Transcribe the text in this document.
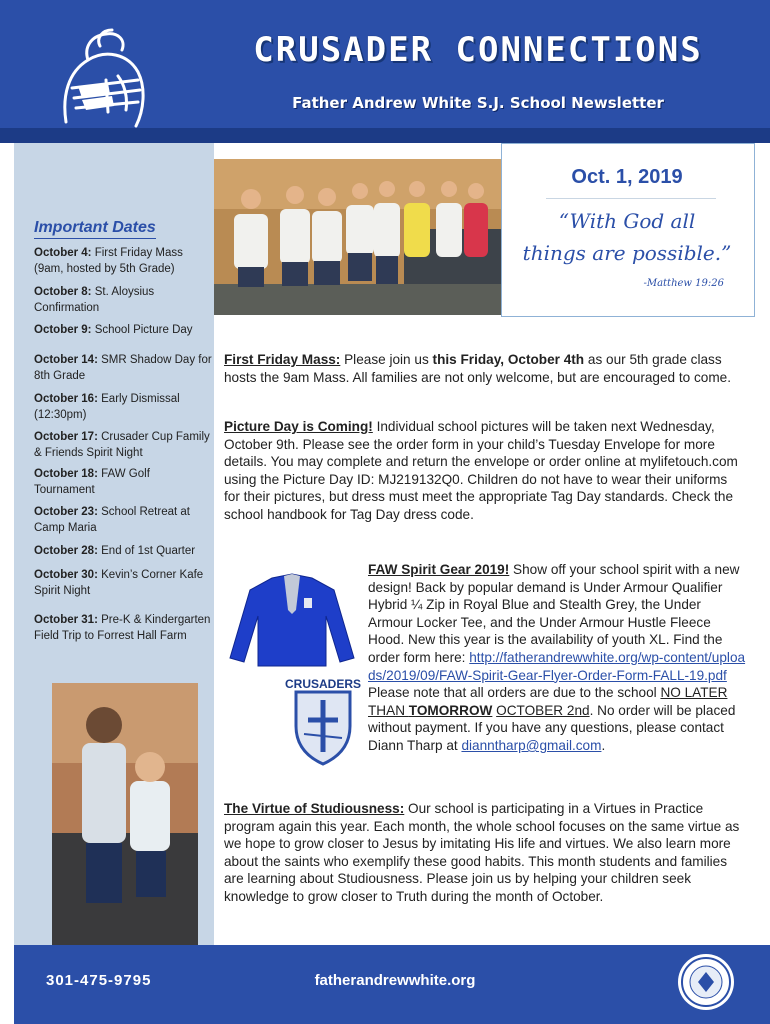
CRUSADER CONNECTIONS
Father Andrew White S.J. School Newsletter
Oct. 1, 2019
“With God all
things are possible.”
-Matthew 19:26
Important Dates
October 4: First Friday Mass (9am, hosted by 5th Grade)
October 8: St. Aloysius Confirmation
October 9: School Picture Day
October 14: SMR Shadow Day for 8th Grade
October 16: Early Dismissal (12:30pm)
October 17: Crusader Cup Family & Friends Spirit Night
October 18: FAW Golf Tournament
October 23: School Retreat at Camp Maria
October 28: End of 1st Quarter
October 30: Kevin’s Corner Kafe Spirit Night
October 31: Pre-K & Kindergarten Field Trip to Forrest Hall Farm
First Friday Mass: Please join us this Friday, October 4th as our 5th grade class hosts the 9am Mass. All families are not only welcome, but are encouraged to come.
Picture Day is Coming! Individual school pictures will be taken next Wednesday, October 9th. Please see the order form in your child’s Tuesday Envelope for more details. You may complete and return the envelope or order online at mylifetouch.com using the Picture Day ID: MJ219132Q0. Children do not have to wear their uniforms for their pictures, but dress must meet the appropriate Tag Day standards. Check the school handbook for Tag Day dress code.
CRUSADERS
FAW Spirit Gear 2019! Show off your school spirit with a new design! Back by popular demand is Under Armour Qualifier Hybrid ¼ Zip in Royal Blue and Stealth Grey, the Under Armour Locker Tee, and the Under Armour Hustle Fleece Hood. New this year is the availability of youth XL. Find the order form here: http://fatherandrewwhite.org/wp-content/uploads/2019/09/FAW-Spirit-Gear-Flyer-Order-Form-FALL-19.pdf Please note that all orders are due to the school NO LATER THAN TOMORROW OCTOBER 2nd. No order will be placed without payment. If you have any questions, please contact Diann Tharp at dianntharp@gmail.com.
The Virtue of Studiousness: Our school is participating in a Virtues in Practice program again this year. Each month, the whole school focuses on the same virtue as we hope to grow closer to Jesus by imitating His life and virtues. We also learn more about the saints who exemplify these good habits. This month students and families are learning about Studiousness. Please join us by helping your children seek knowledge to grow closer to Truth during the month of October.
301-475-9795	fatherandrewwhite.org
